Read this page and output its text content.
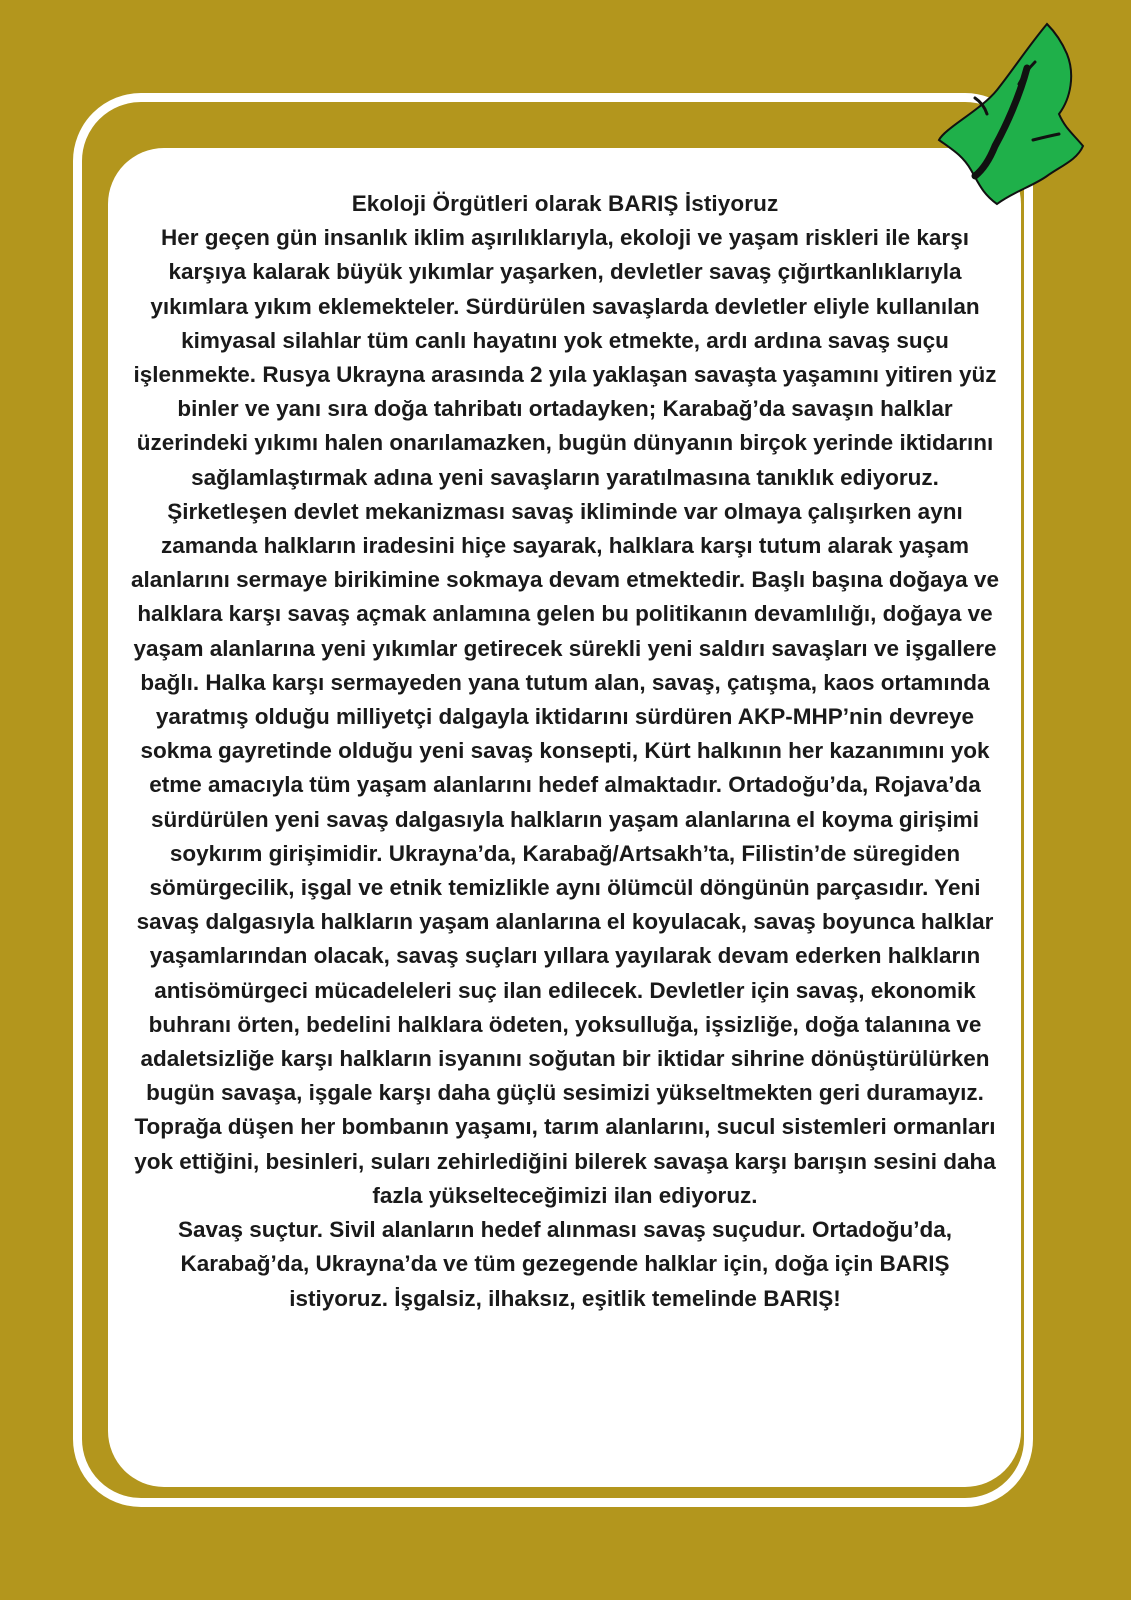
Ekoloji Örgütleri olarak BARIŞ İstiyoruz

Her geçen gün insanlık iklim aşırılıklarıyla, ekoloji ve yaşam riskleri ile karşı karşıya kalarak büyük yıkımlar yaşarken, devletler savaş çığırtkanlıklarıyla yıkımlara yıkım eklemekteler. Sürdürülen savaşlarda devletler eliyle kullanılan kimyasal silahlar tüm canlı hayatını yok etmekte, ardı ardına savaş suçu işlenmekte. Rusya Ukrayna arasında 2 yıla yaklaşan savaşta yaşamını yitiren yüz binler ve yanı sıra doğa tahribatı ortadayken; Karabağ’da savaşın halklar üzerindeki yıkımı halen onarılamazken, bugün dünyanın birçok yerinde iktidarını sağlamlaştırmak adına yeni savaşların yaratılmasına tanıklık ediyoruz. Şirketleşen devlet mekanizması savaş ikliminde var olmaya çalışırken aynı zamanda halkların iradesini hiçe sayarak, halklara karşı tutum alarak yaşam alanlarını sermaye birikimine sokmaya devam etmektedir. Başlı başına doğaya ve halklara karşı savaş açmak anlamına gelen bu politikanın devamlılığı, doğaya ve yaşam alanlarına yeni yıkımlar getirecek sürekli yeni saldırı savaşları ve işgallere bağlı. Halka karşı sermayeden yana tutum alan, savaş, çatışma, kaos ortamında yaratmış olduğu milliyetçi dalgayla iktidarını sürdüren AKP-MHP’nin devreye sokma gayretinde olduğu yeni savaş konsepti, Kürt halkının her kazanımını yok etme amacıyla tüm yaşam alanlarını hedef almaktadır. Ortadoğu’da, Rojava’da sürdürülen yeni savaş dalgasıyla halkların yaşam alanlarına el koyma girişimi soykırım girişimidir. Ukrayna’da, Karabağ/Artsakh’ta, Filistin’de süregiden sömürgecilik, işgal ve etnik temizlikle aynı ölümcül döngünün parçasıdır. Yeni savaş dalgasıyla halkların yaşam alanlarına el koyulacak, savaş boyunca halklar yaşamlarından olacak, savaş suçları yıllara yayılarak devam ederken halkların antisömürgeci mücadeleleri suç ilan edilecek. Devletler için savaş, ekonomik buhranı örten, bedelini halklara ödeten, yoksulluğa, işsizliğe, doğa talanına ve adaletsizliğe karşı halkların isyanını soğutan bir iktidar sihrine dönüştürülürken bugün savaşa, işgale karşı daha güçlü sesimizi yükseltmekten geri duramayız. Toprağa düşen her bombanın yaşamı, tarım alanlarını, sucul sistemleri ormanları yok ettiğini, besinleri, suları zehirlediğini bilerek savaşa karşı barışın sesini daha fazla yükselteceğimizi ilan ediyoruz.

Savaş suçtur. Sivil alanların hedef alınması savaş suçudur. Ortadoğu’da, Karabağ’da, Ukrayna’da ve tüm gezegende halklar için, doğa için BARIŞ istiyoruz. İşgalsiz, ilhaksız, eşitlik temelinde BARIŞ!
